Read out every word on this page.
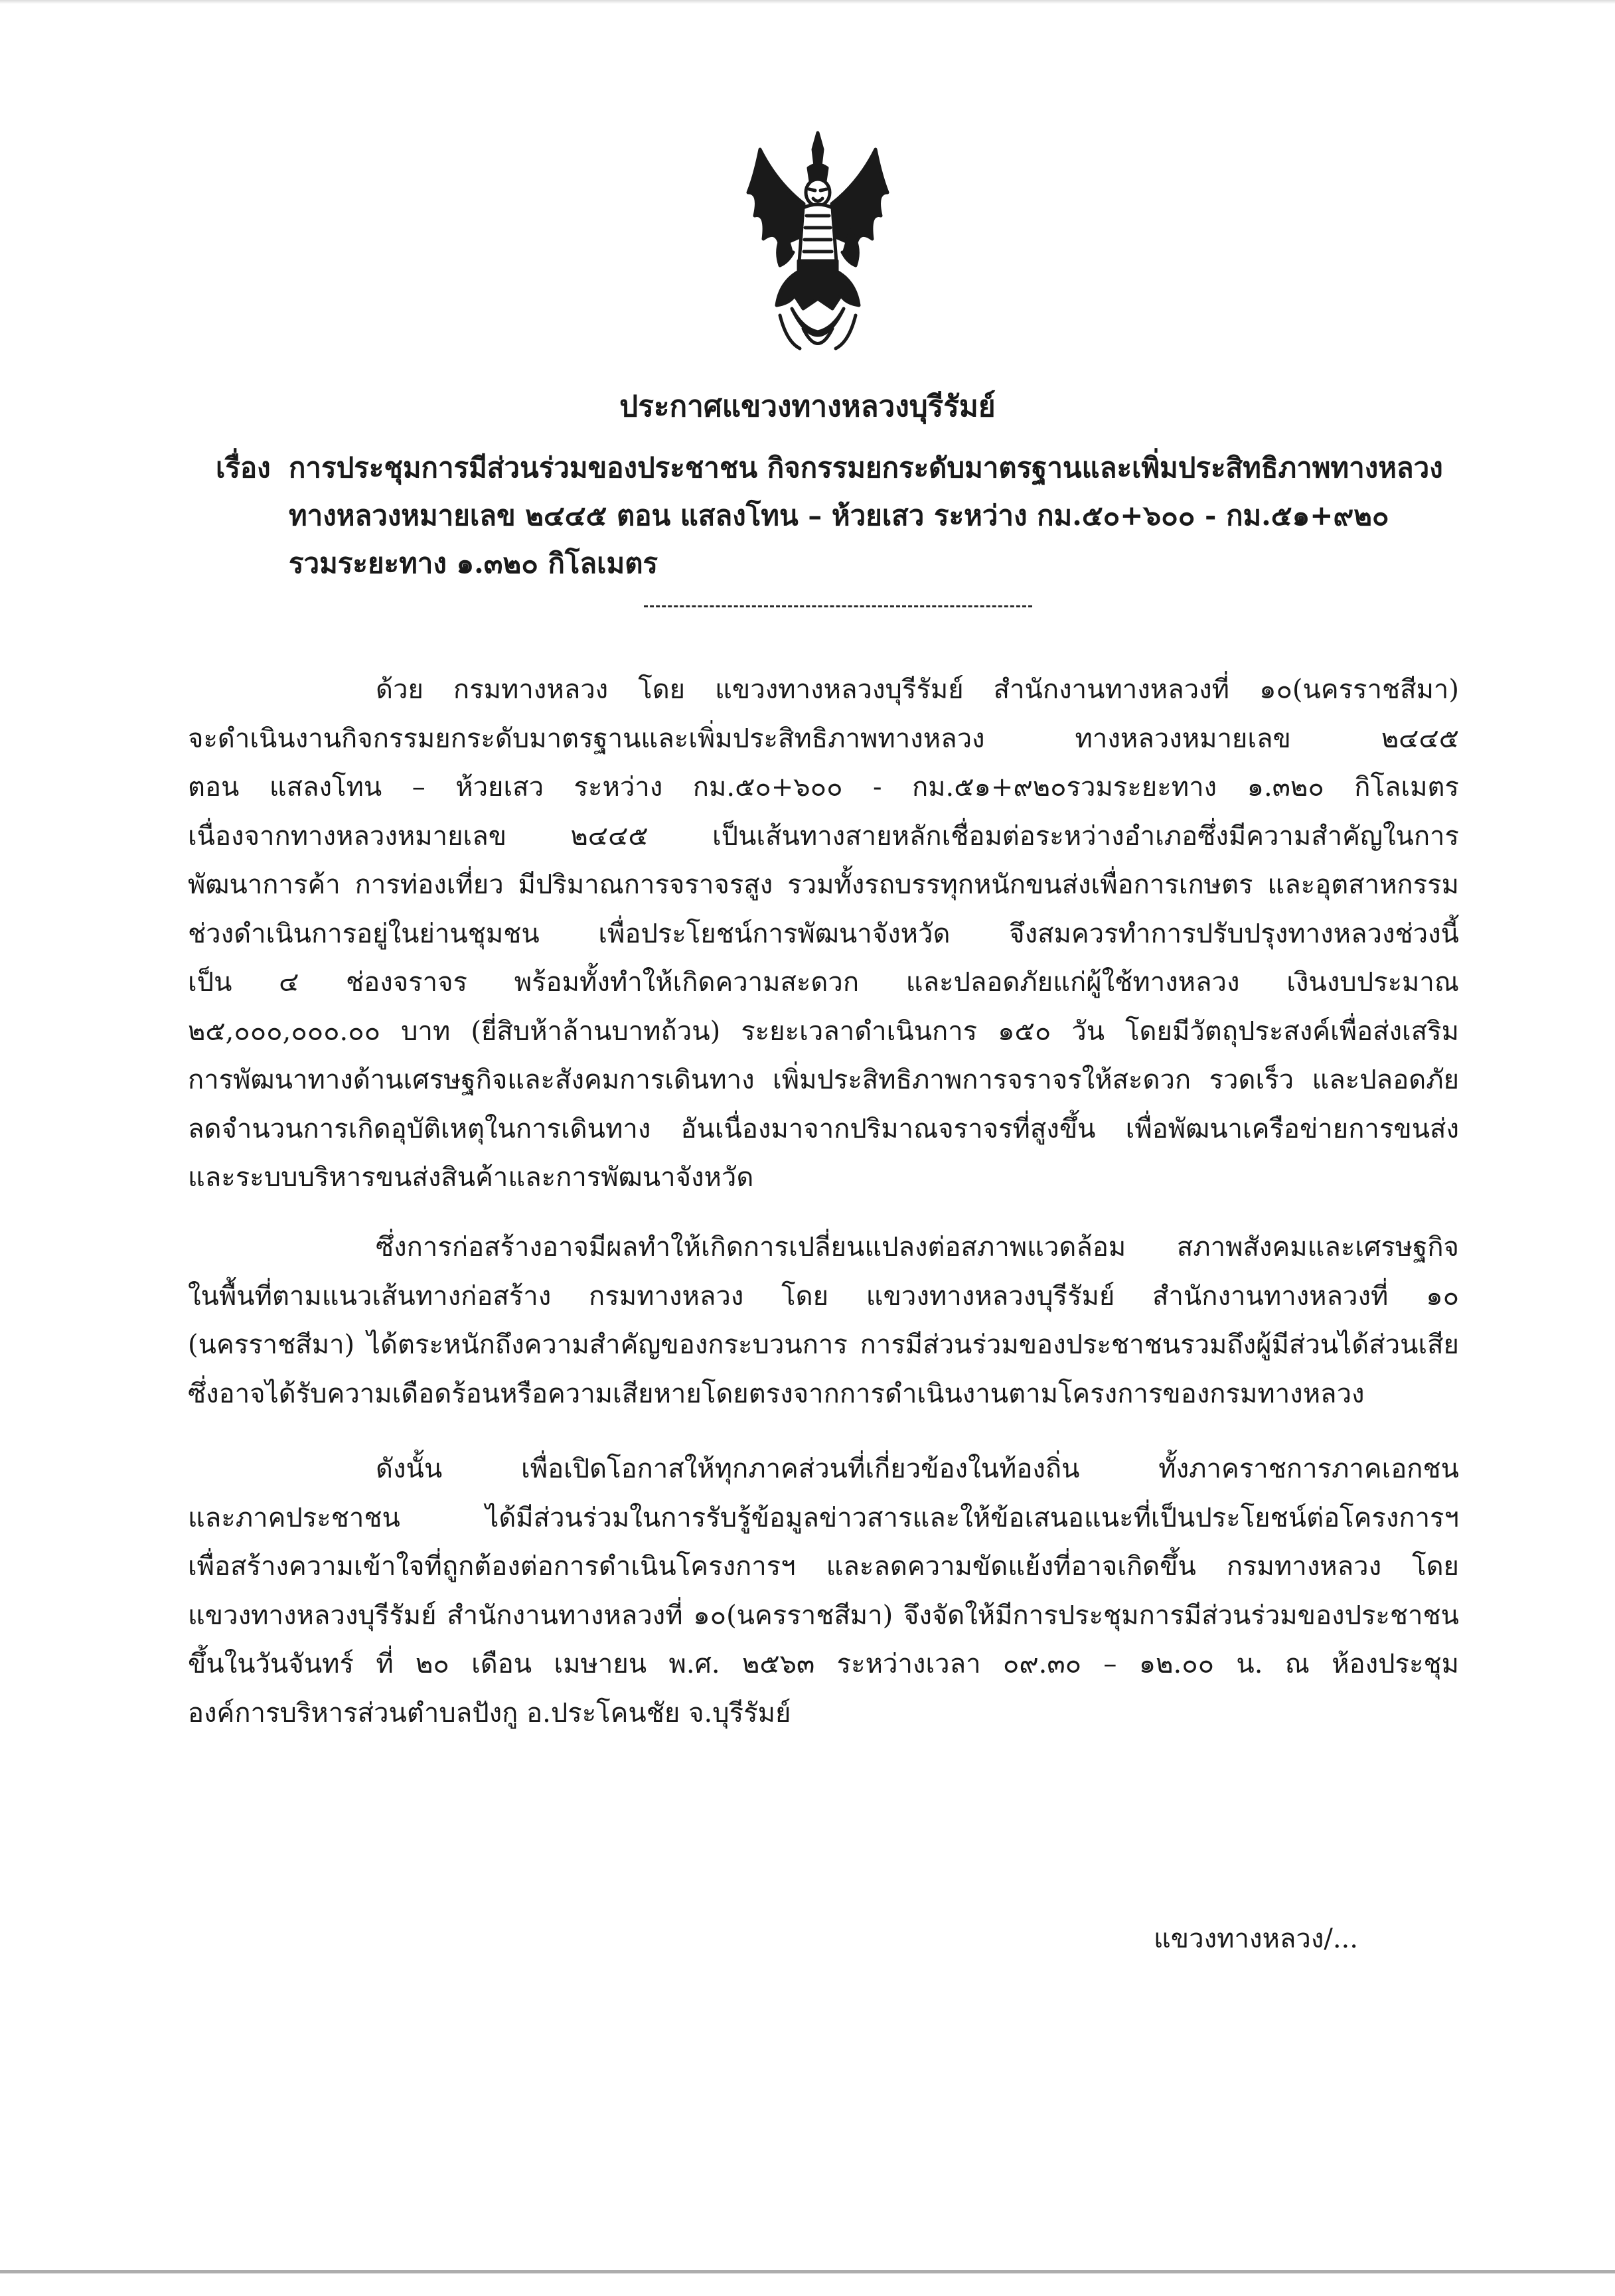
ประกาศแขวงทางหลวงบุรีรัมย์
เรื่อง การประชุมการมีส่วนร่วมของประชาชน กิจกรรมยกระดับมาตรฐานและเพิ่มประสิทธิภาพทางหลวง
ทางหลวงหมายเลข ๒๔๔๕ ตอน แสลงโทน – ห้วยเสว ระหว่าง กม.๕๐+๖๐๐ - กม.๕๑+๙๒๐
รวมระยะทาง ๑.๓๒๐ กิโลเมตร
ด้วย กรมทางหลวง โดย แขวงทางหลวงบุรีรัมย์ สำนักงานทางหลวงที่ ๑๐(นครราชสีมา)
จะดำเนินงานกิจกรรมยกระดับมาตรฐานและเพิ่มประสิทธิภาพทางหลวง ทางหลวงหมายเลข ๒๔๔๕
ตอน แสลงโทน – ห้วยเสว ระหว่าง กม.๕๐+๖๐๐ - กม.๕๑+๙๒๐รวมระยะทาง ๑.๓๒๐ กิโลเมตร
เนื่องจากทางหลวงหมายเลข ๒๔๔๕ เป็นเส้นทางสายหลักเชื่อมต่อระหว่างอำเภอซึ่งมีความสำคัญในการ
พัฒนาการค้า การท่องเที่ยว มีปริมาณการจราจรสูง รวมทั้งรถบรรทุกหนักขนส่งเพื่อการเกษตร และอุตสาหกรรม
ช่วงดำเนินการอยู่ในย่านชุมชน เพื่อประโยชน์การพัฒนาจังหวัด จึงสมควรทำการปรับปรุงทางหลวงช่วงนี้
เป็น ๔ ช่องจราจร พร้อมทั้งทำให้เกิดความสะดวก และปลอดภัยแก่ผู้ใช้ทางหลวง เงินงบประมาณ
๒๕,๐๐๐,๐๐๐.๐๐ บาท (ยี่สิบห้าล้านบาทถ้วน) ระยะเวลาดำเนินการ ๑๕๐ วัน โดยมีวัตถุประสงค์เพื่อส่งเสริม
การพัฒนาทางด้านเศรษฐกิจและสังคมการเดินทาง เพิ่มประสิทธิภาพการจราจรให้สะดวก รวดเร็ว และปลอดภัย
ลดจำนวนการเกิดอุบัติเหตุในการเดินทาง อันเนื่องมาจากปริมาณจราจรที่สูงขึ้น เพื่อพัฒนาเครือข่ายการขนส่ง
และระบบบริหารขนส่งสินค้าและการพัฒนาจังหวัด
ซึ่งการก่อสร้างอาจมีผลทำให้เกิดการเปลี่ยนแปลงต่อสภาพแวดล้อม สภาพสังคมและเศรษฐกิจ
ในพื้นที่ตามแนวเส้นทางก่อสร้าง กรมทางหลวง โดย แขวงทางหลวงบุรีรัมย์ สำนักงานทางหลวงที่ ๑๐
(นครราชสีมา) ได้ตระหนักถึงความสำคัญของกระบวนการ การมีส่วนร่วมของประชาชนรวมถึงผู้มีส่วนได้ส่วนเสีย
ซึ่งอาจได้รับความเดือดร้อนหรือความเสียหายโดยตรงจากการดำเนินงานตามโครงการของกรมทางหลวง
ดังนั้น เพื่อเปิดโอกาสให้ทุกภาคส่วนที่เกี่ยวข้องในท้องถิ่น ทั้งภาคราชการภาคเอกชน
และภาคประชาชน ได้มีส่วนร่วมในการรับรู้ข้อมูลข่าวสารและให้ข้อเสนอแนะที่เป็นประโยชน์ต่อโครงการฯ
เพื่อสร้างความเข้าใจที่ถูกต้องต่อการดำเนินโครงการฯ และลดความขัดแย้งที่อาจเกิดขึ้น กรมทางหลวง โดย
แขวงทางหลวงบุรีรัมย์ สำนักงานทางหลวงที่ ๑๐(นครราชสีมา) จึงจัดให้มีการประชุมการมีส่วนร่วมของประชาชน
ขึ้นในวันจันทร์ ที่ ๒๐ เดือน เมษายน พ.ศ. ๒๕๖๓ ระหว่างเวลา ๐๙.๓๐ – ๑๒.๐๐ น. ณ ห้องประชุม
องค์การบริหารส่วนตำบลปังกู อ.ประโคนชัย จ.บุรีรัมย์
แขวงทางหลวง/...
